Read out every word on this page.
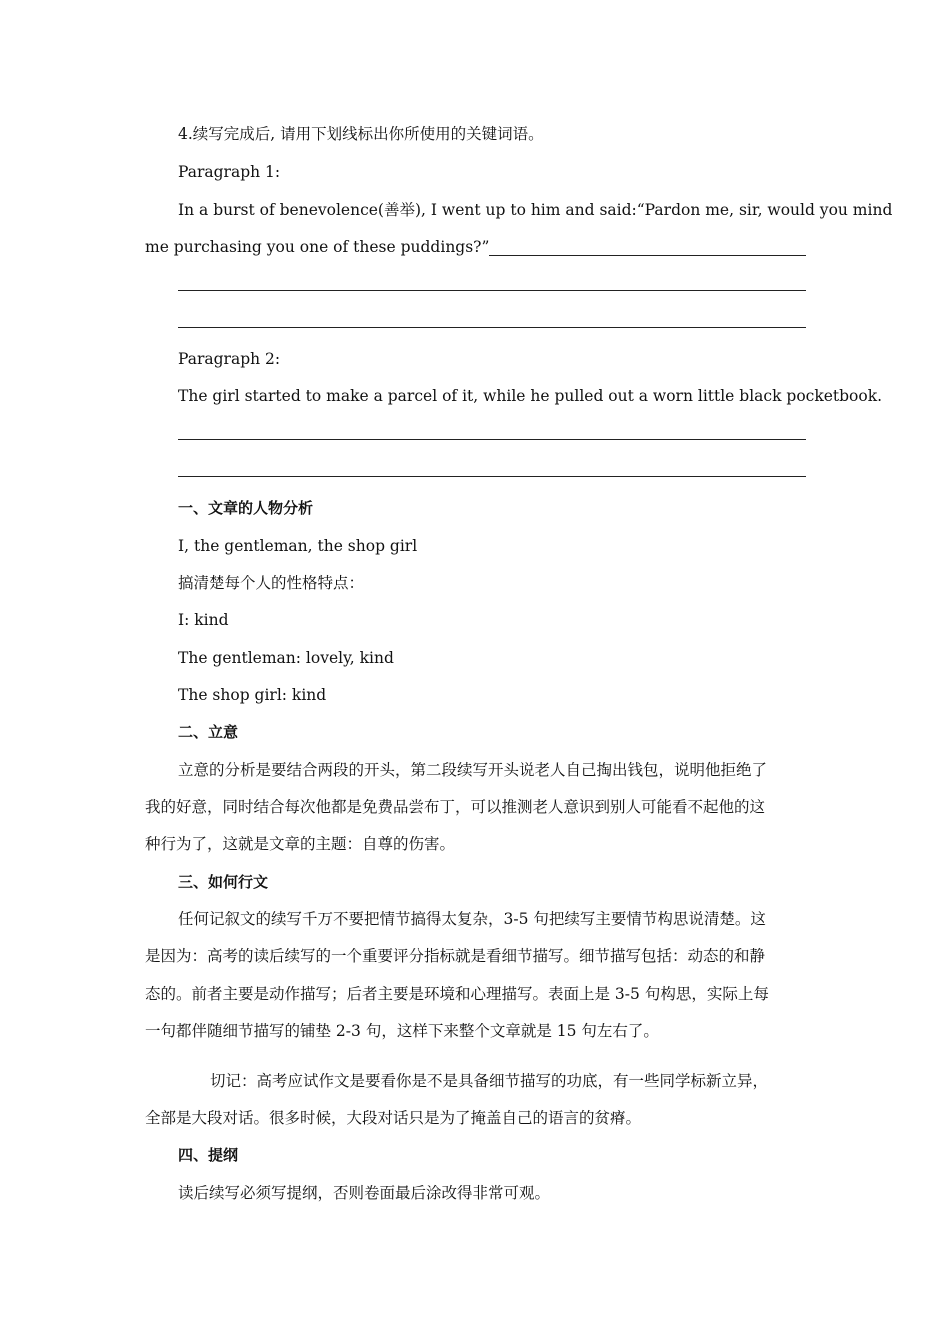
4.续写完成后, 请用下划线标出你所使用的关键词语。
Paragraph 1:
In a burst of benevolence(善举), I went up to him and said:“Pardon me, sir, would you mind
me purchasing you one of these puddings?”
Paragraph 2:
The girl started to make a parcel of it, while he pulled out a worn little black pocketbook.
一、文章的人物分析
I, the gentleman, the shop girl
搞清楚每个人的性格特点：
I: kind
The gentleman: lovely, kind
The shop girl: kind
二、立意
立意的分析是要结合两段的开头，第二段续写开头说老人自己掏出钱包，说明他拒绝了
我的好意，同时结合每次他都是免费品尝布丁，可以推测老人意识到别人可能看不起他的这
种行为了，这就是文章的主题：自尊的伤害。
三、如何行文
任何记叙文的续写千万不要把情节搞得太复杂，3-5 句把续写主要情节构思说清楚。这
是因为：高考的读后续写的一个重要评分指标就是看细节描写。细节描写包括：动态的和静
态的。前者主要是动作描写；后者主要是环境和心理描写。表面上是 3-5 句构思，实际上每
一句都伴随细节描写的铺垫 2-3 句，这样下来整个文章就是 15 句左右了。
切记：高考应试作文是要看你是不是具备细节描写的功底，有一些同学标新立异，
全部是大段对话。很多时候，大段对话只是为了掩盖自己的语言的贫瘠。
四、提纲
读后续写必须写提纲，否则卷面最后涂改得非常可观。
